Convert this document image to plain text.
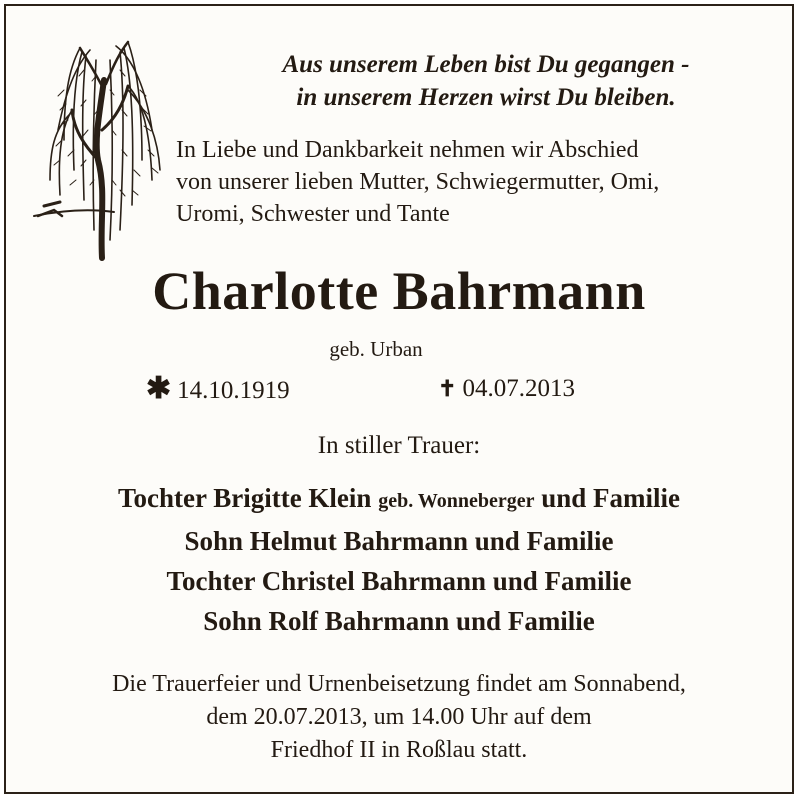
Aus unserem Leben bist Du gegangen -
in unserem Herzen wirst Du bleiben.
In Liebe und Dankbarkeit nehmen wir Abschied
von unserer lieben Mutter, Schwiegermutter, Omi,
Uromi, Schwester und Tante
Charlotte Bahrmann
geb. Urban
✱ 14.10.1919	✝ 04.07.2013
In stiller Trauer:
Tochter Brigitte Klein geb. Wonneberger und Familie
Sohn Helmut Bahrmann und Familie
Tochter Christel Bahrmann und Familie
Sohn Rolf Bahrmann und Familie
Die Trauerfeier und Urnenbeisetzung findet am Sonnabend,
dem 20.07.2013, um 14.00 Uhr auf dem
Friedhof II in Roßlau statt.
